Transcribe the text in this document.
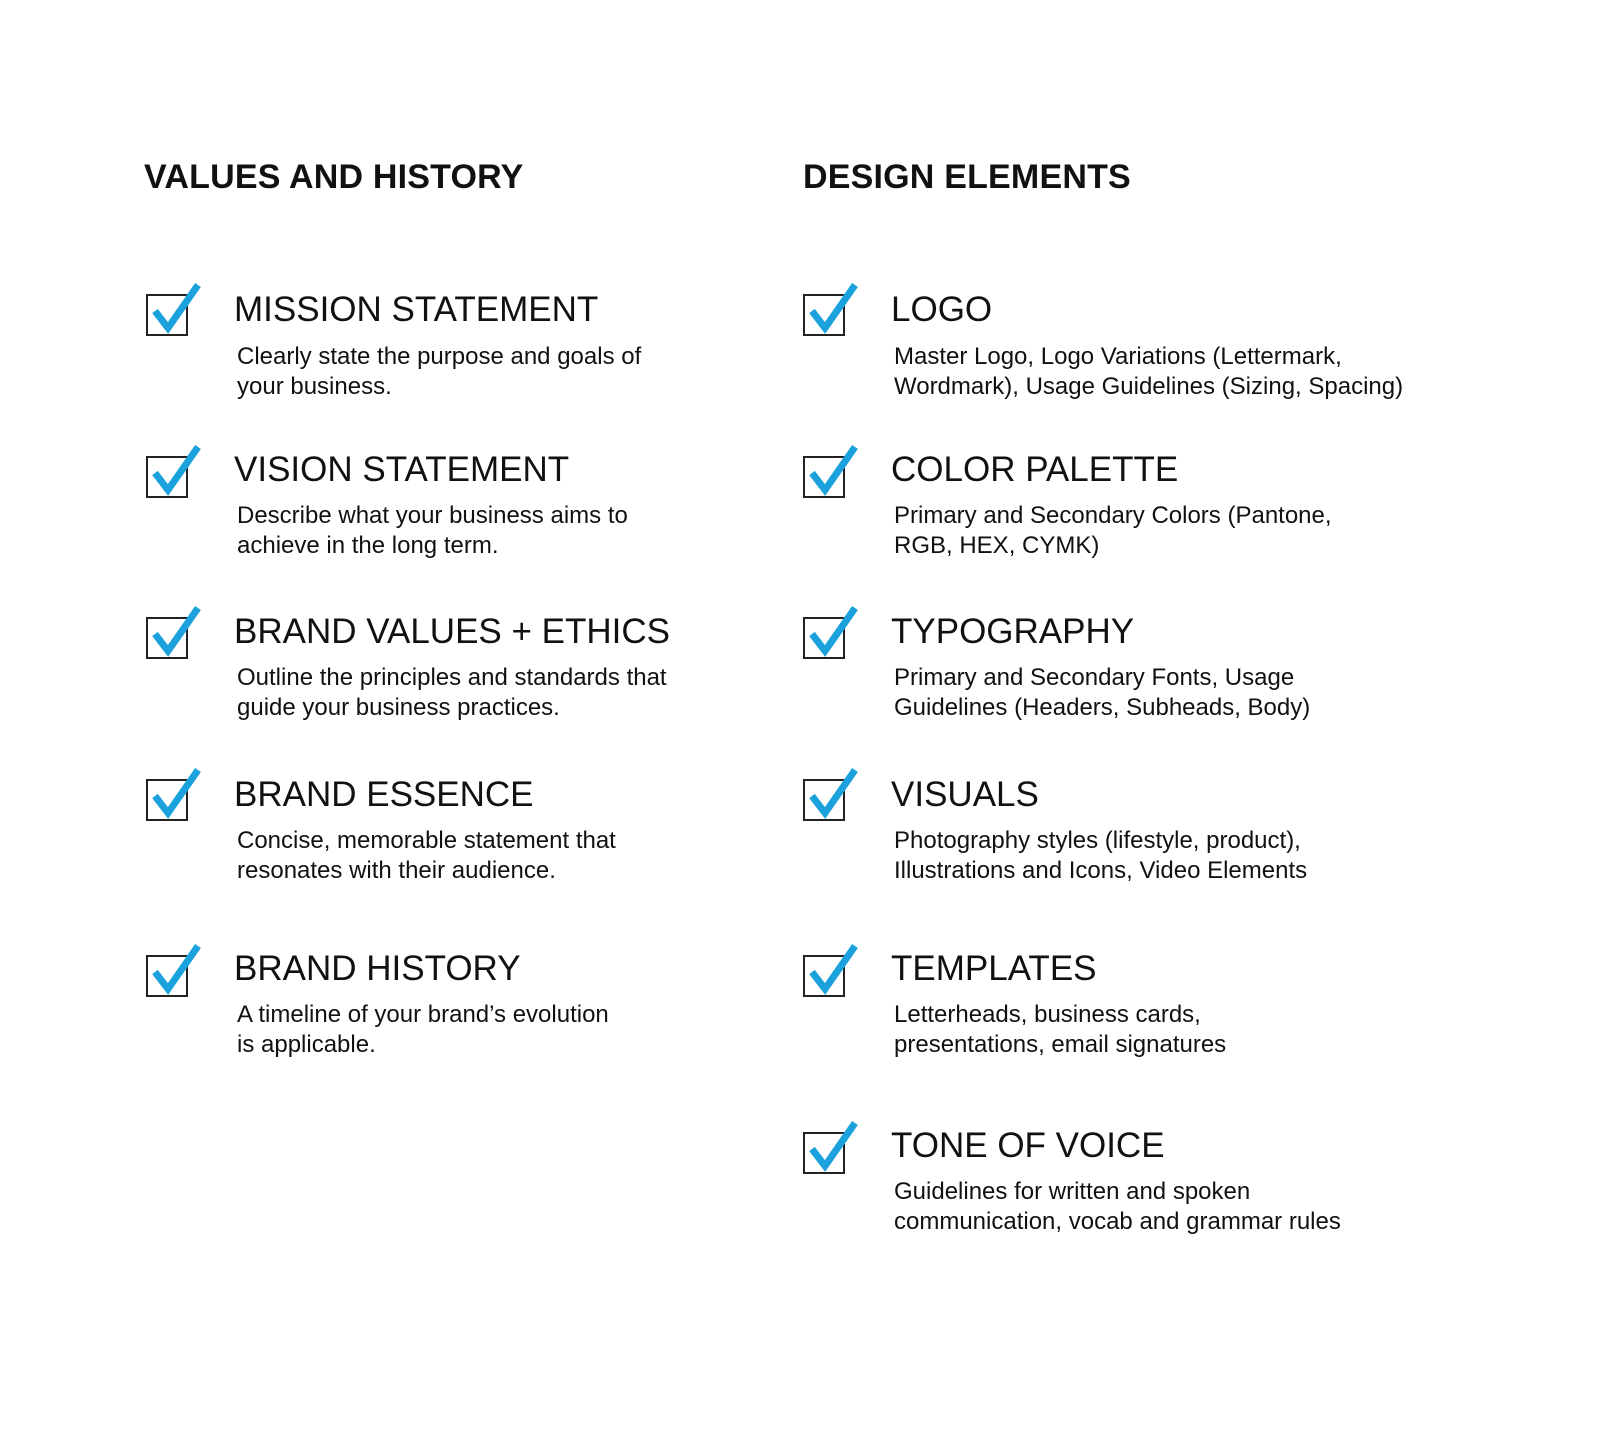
VALUES AND HISTORY
MISSION STATEMENT

Clearly state the purpose and goals of
your business.

VISION STATEMENT

Describe what your business aims to
achieve in the long term.

BRAND VALUES + ETHICS

Outline the principles and standards that
guide your business practices.

BRAND ESSENCE

Concise, memorable statement that
resonates with their audience.

BRAND HISTORY

A timeline of your brand’s evolution
is applicable.

DESIGN ELEMENTS
LOGO

Master Logo, Logo Variations (Lettermark,
Wordmark), Usage Guidelines (Sizing, Spacing)

COLOR PALETTE

Primary and Secondary Colors (Pantone,
RGB, HEX, CYMK)

TYPOGRAPHY

Primary and Secondary Fonts, Usage
Guidelines (Headers, Subheads, Body)

VISUALS

Photography styles (lifestyle, product),
Illustrations and Icons, Video Elements

TEMPLATES

Letterheads, business cards,
presentations, email signatures

TONE OF VOICE

Guidelines for written and spoken
communication, vocab and grammar rules
